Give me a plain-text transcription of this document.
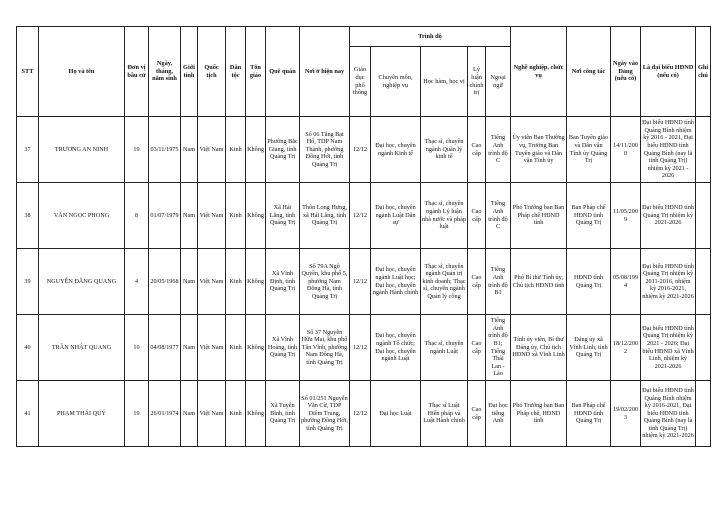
STT	Họ và tên	Đơn vị bầu cử	Ngày, tháng, năm sinh	Giới tính	Quốc tịch	Dân tộc	Tôn giáo	Quê quán	Nơi ở hiện nay	Trình độ					Nghề nghiệp, chức vụ	Nơi công tác	Ngày vào Đảng (nếu có)	Là đại biểu HĐND (nếu có)	Ghi chú
										Giáo dục phổ thông	Chuyên môn, nghiệp vụ	Học hàm, học vị	Lý luận chính trị	Ngoại ngữ					
37	TRƯƠNG AN NINH	19	03/11/1975	Nam	Việt Nam	Kinh	Không	Phường Bắc Giang, tỉnh Quảng Trị	Số 06 Tăng Bạt Hổ, TDP Nam Thành, phường Đồng Hới, tỉnh Quảng Trị	12/12	Đại học, chuyên ngành Kinh tế	Thạc sĩ, chuyên ngành Quản lý kinh tế	Cao cấp	Tiếng Anh trình độ C	Ủy viên Ban Thường vụ, Trưởng Ban Tuyên giáo và Dân vận Tỉnh ủy	Ban Tuyên giáo và Dân vận Tỉnh ủy Quảng Trị	14/11/2000	Đại biểu HĐND tỉnh Quảng Bình nhiệm kỳ 2016 - 2021, Đại biểu HĐND tỉnh Quảng Bình (nay là tỉnh Quảng Trị) nhiệm kỳ 2021 - 2026	
38	VĂN NGỌC PHONG	8	01/07/1979	Nam	Việt Nam	Kinh	Không	Xã Hải Lăng, tỉnh Quảng Trị	Thôn Long Hưng, xã Hải Lăng, tỉnh Quảng Trị	12/12	Đại học, chuyên ngành Luật Dân sự	Thạc sĩ, chuyên ngành Lý luận nhà nước và pháp luật	Cao cấp	Tiếng Anh trình độ C	Phó Trưởng ban Ban Pháp chế HĐND tỉnh	Ban Pháp chế HĐND tỉnh Quảng Trị	11/05/2009	Đại biểu HĐND tỉnh Quảng Trị nhiệm kỳ 2021-2026	
39	NGUYỄN ĐĂNG QUANG	4	20/05/1968	Nam	Việt Nam	Kinh	Không	Xã Vĩnh Định, tỉnh Quảng Trị	Số 79A Ngô Quyền, khu phố 5, phường Nam Đông Hà, tỉnh Quảng Trị	12/12	Đại học, chuyên ngành Luật học; Đại học, chuyên ngành Hành chính	Thạc sĩ, chuyên ngành Quản trị kinh doanh; Thạc sĩ, chuyên ngành Quản lý công	Cao cấp	Tiếng Anh trình độ B1	Phó Bí thư Tỉnh ủy, Chủ tịch HĐND tỉnh	HĐND tỉnh Quảng Trị	05/08/1994	Đại biểu HĐND tỉnh Quảng Trị nhiệm kỳ 2011-2016, nhiệm kỳ 2016-2021, nhiệm kỳ 2021-2026	
40	TRẦN NHẬT QUANG	10	04/08/1977	Nam	Việt Nam	Kinh	Không	Xã Vĩnh Hoàng, tỉnh Quảng Trị	Số 37 Nguyễn Hữu Mai, khu phố Tân Vĩnh, phường Nam Đông Hà, tỉnh Quảng Trị	12/12	Đại học, chuyên ngành Tổ chức; Đại học, chuyên ngành Luật	Thạc sĩ, chuyên ngành Luật	Cao cấp	Tiếng Anh trình độ B1; Tiếng Thái Lan - Lào	Tỉnh ủy viên, Bí thư Đảng ủy, Chủ tịch HĐND xã Vĩnh Linh	Đảng ủy xã Vĩnh Linh, tỉnh Quảng Trị	18/12/2002	Đại biểu HĐND tỉnh Quảng Trị nhiệm kỳ 2021 - 2026; Đại biểu HĐND xã Vĩnh Linh, nhiệm kỳ 2021-2026	
41	PHẠM THÁI QUÝ	19	26/01/1974	Nam	Việt Nam	Kinh	Không	Xã Tuyên Bình, tỉnh Quảng Trị	Số 01/251 Nguyễn Văn Cừ, TDP Diêm Trung, phường Đồng Hới, tỉnh Quảng Trị	12/12	Đại học Luật	Thạc sĩ Luật Hiến pháp và Luật Hành chính	Cao cấp	Đại học tiếng Anh	Phó Trưởng ban Ban Pháp chế, HĐND tỉnh	Ban Pháp chế HĐND tỉnh Quảng Trị	19/02/2003	Đại biểu HĐND tỉnh Quảng Bình nhiệm kỳ 2016-2021, Đại biểu HĐND tỉnh Quảng Bình (nay là tỉnh Quảng Trị) nhiệm kỳ 2021-2026	
